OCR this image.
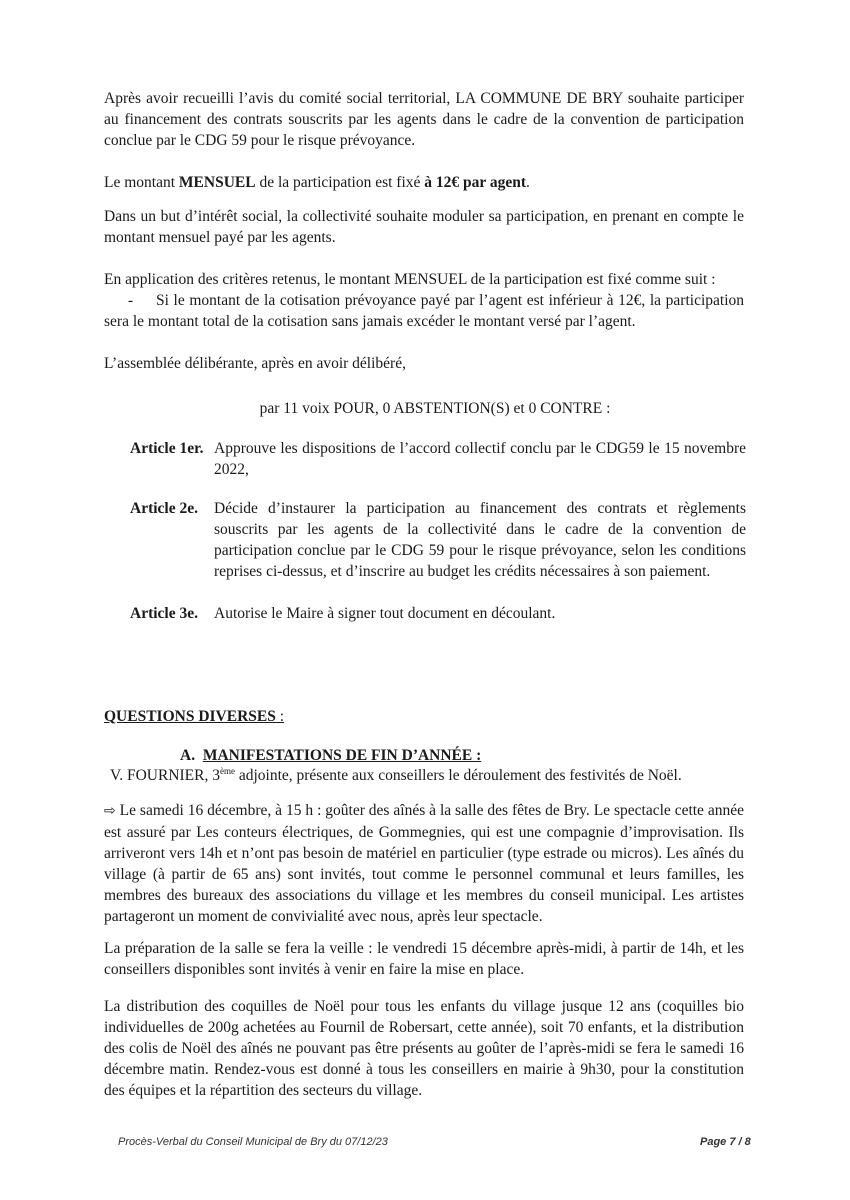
Après avoir recueilli l’avis du comité social territorial, LA COMMUNE DE BRY souhaite participer au financement des contrats souscrits par les agents dans le cadre de la convention de participation conclue par le CDG 59 pour le risque prévoyance.

Le montant MENSUEL de la participation est fixé à 12€ par agent.

Dans un but d’intérêt social, la collectivité souhaite moduler sa participation, en prenant en compte le montant mensuel payé par les agents.

En application des critères retenus, le montant MENSUEL de la participation est fixé comme suit :

-	Si le montant de la cotisation prévoyance payé par l’agent est inférieur à 12€, la participation sera le montant total de la cotisation sans jamais excéder le montant versé par l’agent.

L’assemblée délibérante, après en avoir délibéré,

par 11 voix POUR, 0 ABSTENTION(S) et 0 CONTRE :

Article 1er. Approuve les dispositions de l’accord collectif conclu par le CDG59 le 15 novembre 2022,
Article 2e. Décide d’instaurer la participation au financement des contrats et règlements souscrits par les agents de la collectivité dans le cadre de la convention de participation conclue par le CDG 59 pour le risque prévoyance, selon les conditions reprises ci-dessus, et d’inscrire au budget les crédits nécessaires à son paiement.
Article 3e. Autorise le Maire à signer tout document en découlant.
QUESTIONS DIVERSES :
A. MANIFESTATIONS DE FIN D’ANNÉE :

V. FOURNIER, 3ème adjointe, présente aux conseillers le déroulement des festivités de Noël.

⇨ Le samedi 16 décembre, à 15 h : goûter des aînés à la salle des fêtes de Bry. Le spectacle cette année est assuré par Les conteurs électriques, de Gommegnies, qui est une compagnie d’improvisation. Ils arriveront vers 14h et n’ont pas besoin de matériel en particulier (type estrade ou micros). Les aînés du village (à partir de 65 ans) sont invités, tout comme le personnel communal et leurs familles, les membres des bureaux des associations du village et les membres du conseil municipal. Les artistes partageront un moment de convivialité avec nous, après leur spectacle.

La préparation de la salle se fera la veille : le vendredi 15 décembre après-midi, à partir de 14h, et les conseillers disponibles sont invités à venir en faire la mise en place.

La distribution des coquilles de Noël pour tous les enfants du village jusque 12 ans (coquilles bio individuelles de 200g achetées au Fournil de Robersart, cette année), soit 70 enfants, et la distribution des colis de Noël des aînés ne pouvant pas être présents au goûter de l’après-midi se fera le samedi 16 décembre matin. Rendez-vous est donné à tous les conseillers en mairie à 9h30, pour la constitution des équipes et la répartition des secteurs du village.

Procès-Verbal du Conseil Municipal de Bry du 07/12/23	Page 7 / 8
